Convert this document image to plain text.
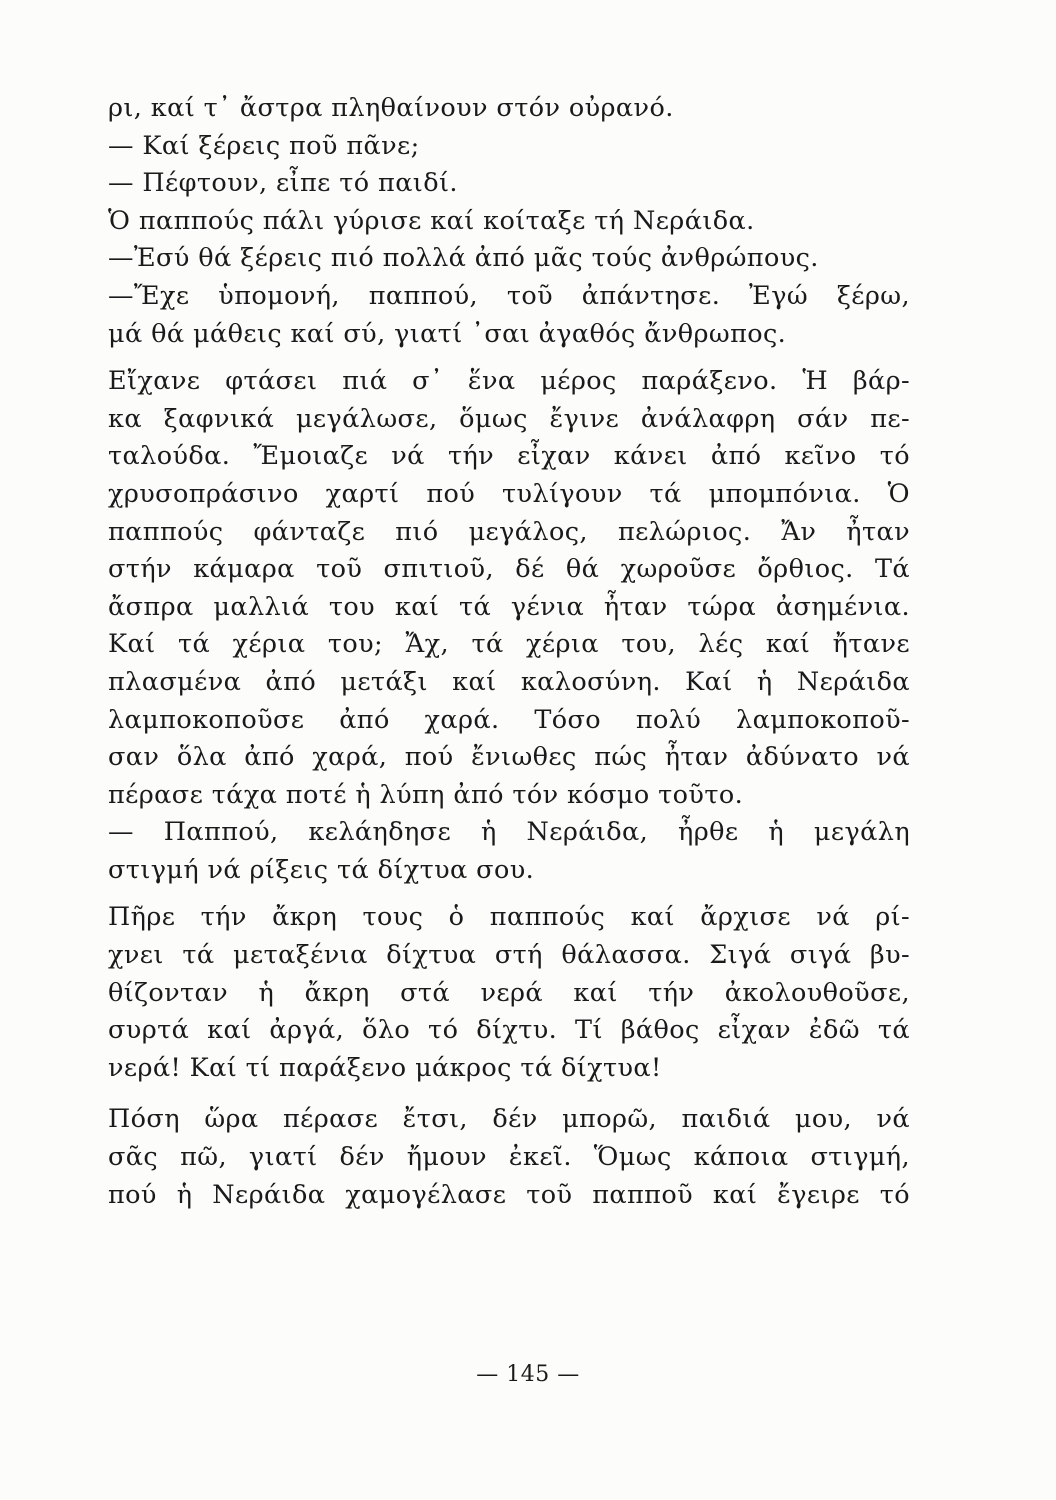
ρι, καί τ᾽ ἄστρα πληθαίνουν στόν οὐρανό.
— Καί ξέρεις ποῦ πᾶνε;
— Πέφτουν, εἶπε τό παιδί.
Ὁ παππούς πάλι γύρισε καί κοίταξε τή Νεράιδα.
—Ἐσύ θά ξέρεις πιό πολλά ἀπό μᾶς τούς ἀνθρώπους.
—Ἔχε ὑπομονή, παππού, τοῦ ἀπάντησε. Ἐγώ ξέρω,
μά θά μάθεις καί σύ, γιατί ᾽σαι ἀγαθός ἄνθρωπος.
Εἴχανε φτάσει πιά σ᾽ ἕνα μέρος παράξενο. Ἡ βάρ-
κα ξαφνικά μεγάλωσε, ὅμως ἔγινε ἀνάλαφρη σάν πε-
ταλούδα. Ἔμοιαζε νά τήν εἶχαν κάνει ἀπό κεῖνο τό
χρυσοπράσινο χαρτί πού τυλίγουν τά μπομπόνια. Ὁ
παππούς φάνταζε πιό μεγάλος, πελώριος. Ἄν ἦταν
στήν κάμαρα τοῦ σπιτιοῦ, δέ θά χωροῦσε ὄρθιος. Τά
ἄσπρα μαλλιά του καί τά γένια ἦταν τώρα ἀσημένια.
Καί τά χέρια του; Ἄχ, τά χέρια του, λές καί ἤτανε
πλασμένα ἀπό μετάξι καί καλοσύνη. Καί ἡ Νεράιδα
λαμποκοποῦσε ἀπό χαρά. Τόσο πολύ λαμποκοποῦ-
σαν ὅλα ἀπό χαρά, πού ἔνιωθες πώς ἦταν ἀδύνατο νά
πέρασε τάχα ποτέ ἡ λύπη ἀπό τόν κόσμο τοῦτο.
— Παππού, κελάηδησε ἡ Νεράιδα, ἦρθε ἡ μεγάλη
στιγμή νά ρίξεις τά δίχτυα σου.
Πῆρε τήν ἄκρη τους ὁ παππούς καί ἄρχισε νά ρί-
χνει τά μεταξένια δίχτυα στή θάλασσα. Σιγά σιγά βυ-
θίζονταν ἡ ἄκρη στά νερά καί τήν ἀκολουθοῦσε,
συρτά καί ἀργά, ὅλο τό δίχτυ. Τί βάθος εἶχαν ἐδῶ τά
νερά! Καί τί παράξενο μάκρος τά δίχτυα!
Πόση ὥρα πέρασε ἔτσι, δέν μπορῶ, παιδιά μου, νά
σᾶς πῶ, γιατί δέν ἤμουν ἐκεῖ. Ὅμως κάποια στιγμή,
πού ἡ Νεράιδα χαμογέλασε τοῦ παπποῦ καί ἔγειρε τό
— 145 —
